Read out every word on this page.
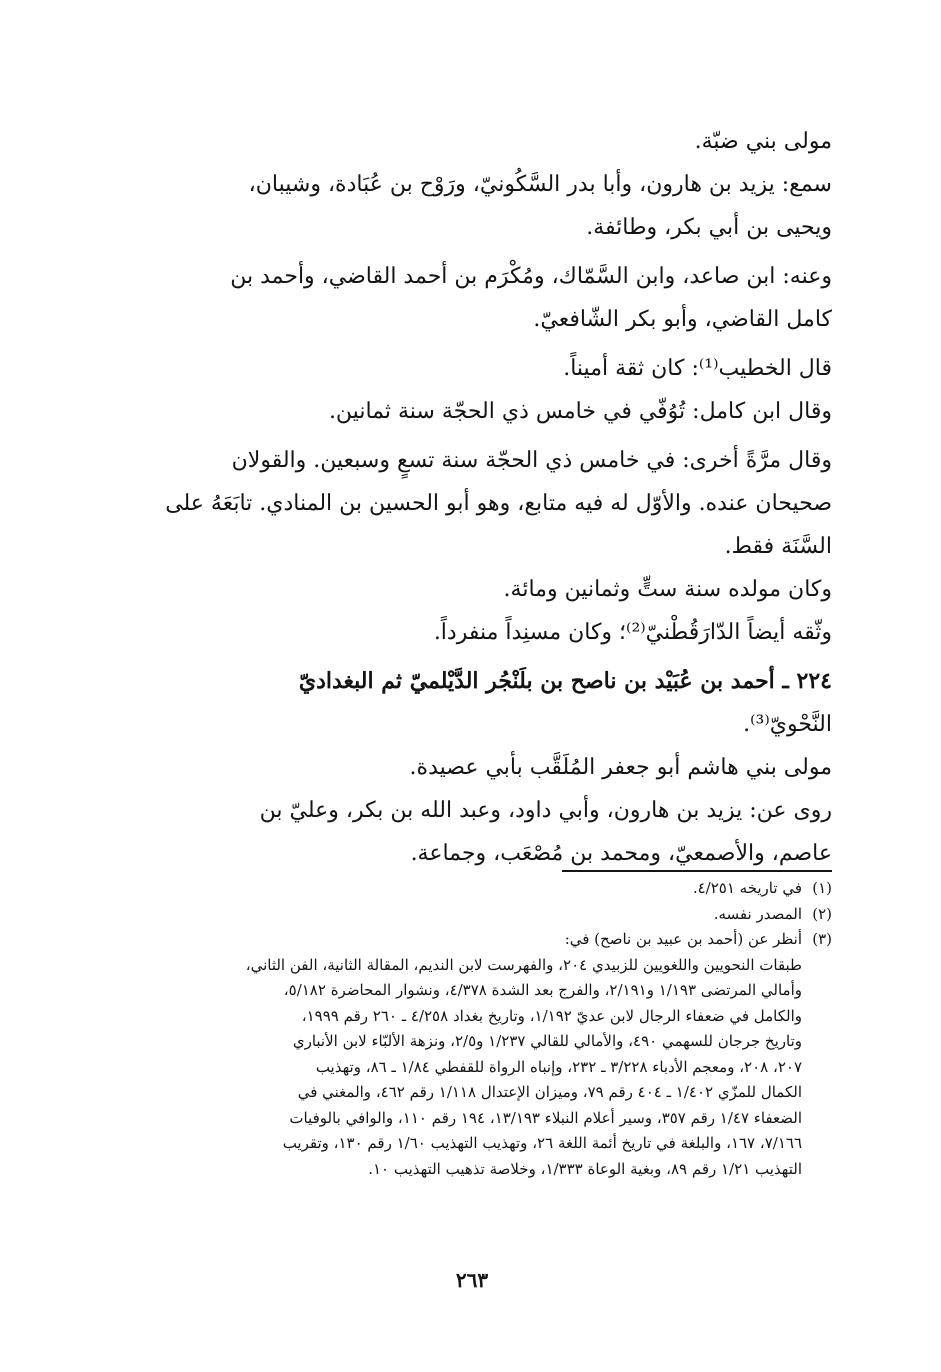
مولى بني ضبّة.

سمع: يزيد بن هارون، وأبا بدر السَّكُونيّ، ورَوْح بن عُبَادة، وشيبان،

ويحيى بن أبي بكر، وطائفة.

وعنه: ابن صاعد، وابن السَّمّاك، ومُكْرَم بن أحمد القاضي، وأحمد بن

كامل القاضي، وأبو بكر الشّافعيّ.

قال الخطيب⁽¹⁾: كان ثقة أميناً.

وقال ابن كامل: تُوُفّي في خامس ذي الحجّة سنة ثمانين.

وقال مرَّةً أخرى: في خامس ذي الحجّة سنة تسعٍ وسبعين. والقولان

صحيحان عنده. والأوّل له فيه متابع، وهو أبو الحسين بن المنادي. تابَعَهُ على

السَّنَة فقط.

وكان مولده سنة ستٍّ وثمانين ومائة.

وثّقه أيضاً الدّارَقُطْنيّ⁽²⁾؛ وكان مسنِداً منفرداً.

٢٢٤ ـ أحمد بن عُبَيْد بن ناصح بن بلَنْجُر الدَّيْلميّ ثم البغداديّ

النَّحْويّ⁽³⁾.

مولى بني هاشم أبو جعفر المُلَقَّب بأبي عصيدة.

روى عن: يزيد بن هارون، وأبي داود، وعبد الله بن بكر، وعليّ بن

عاصم، والأصمعيّ، ومحمد بن مُصْعَب، وجماعة.

(١)
في تاريخه ٤/٢٥١.
(٢)
المصدر نفسه.
(٣)
أنظر عن (أحمد بن عبيد بن ناصح) في:
طبقات النحويين واللغويين للزبيدي ٢٠٤، والفهرست لابن النديم، المقالة الثانية، الفن الثاني،
وأمالي المرتضى ١/١٩٣ و٢/١٩١، والفرج بعد الشدة ٤/٣٧٨، ونشوار المحاضرة ٥/١٨٢،
والكامل في ضعفاء الرجال لابن عديّ ١/١٩٢، وتاريخ بغداد ٤/٢٥٨ ـ ٢٦٠ رقم ١٩٩٩،
وتاريخ جرجان للسهمي ٤٩٠، والأمالي للقالي ١/٢٣٧ و٢/٥، ونزهة الألبّاء لابن الأنباري
٢٠٧، ٢٠٨، ومعجم الأدباء ٣/٢٢٨ ـ ٢٣٢، وإنباه الرواة للقفطي ١/٨٤ ـ ٨٦، وتهذيب
الكمال للمزّي ١/٤٠٢ ـ ٤٠٤ رقم ٧٩، وميزان الإعتدال ١/١١٨ رقم ٤٦٢، والمغني في
الضعفاء ١/٤٧ رقم ٣٥٧، وسير أعلام النبلاء ١٣/١٩٣، ١٩٤ رقم ١١٠، والوافي بالوفيات
٧/١٦٦، ١٦٧، والبلغة في تاريخ أئمة اللغة ٢٦، وتهذيب التهذيب ١/٦٠ رقم ١٣٠، وتقريب
التهذيب ١/٢١ رقم ٨٩، وبغية الوعاة ١/٣٣٣، وخلاصة تذهيب التهذيب ١٠.
٢٦٣
